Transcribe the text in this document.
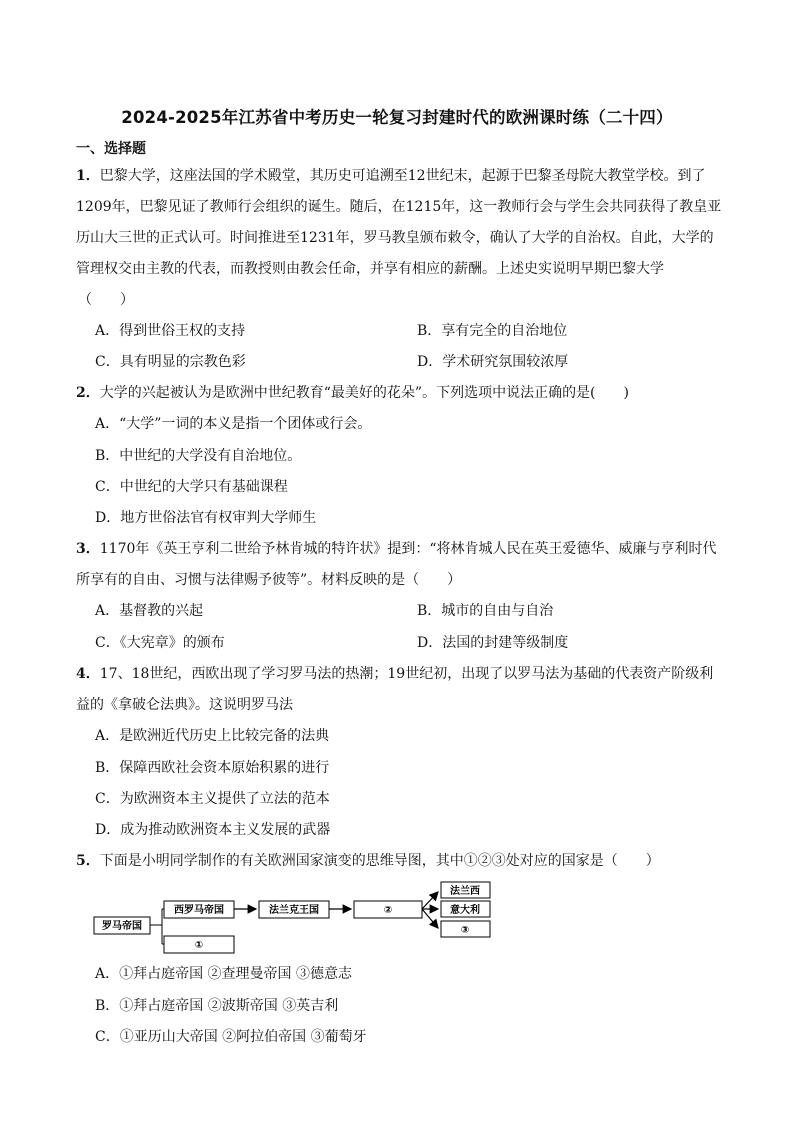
2024-2025年江苏省中考历史一轮复习封建时代的欧洲课时练（二十四）
一、选择题
1．巴黎大学，这座法国的学术殿堂，其历史可追溯至12世纪末，起源于巴黎圣母院大教堂学校。到了
1209年，巴黎见证了教师行会组织的诞生。随后，在1215年，这一教师行会与学生会共同获得了教皇亚
历山大三世的正式认可。时间推进至1231年，罗马教皇颁布敕令，确认了大学的自治权。自此，大学的
管理权交由主教的代表，而教授则由教会任命，并享有相应的薪酬。上述史实说明早期巴黎大学
（　　）
A．得到世俗王权的支持	B．享有完全的自治地位
C．具有明显的宗教色彩	D．学术研究氛围较浓厚
2．大学的兴起被认为是欧洲中世纪教育“最美好的花朵”。下列选项中说法正确的是(　　)
A．“大学”一词的本义是指一个团体或行会。
B．中世纪的大学没有自治地位。
C．中世纪的大学只有基础课程
D．地方世俗法官有权审判大学师生
3．1170年《英王亨利二世给予林肯城的特许状》提到：“将林肯城人民在英王爱德华、威廉与亨利时代
所享有的自由、习惯与法律赐予彼等”。材料反映的是（　　）
A．基督教的兴起	B．城市的自由与自治
C．《大宪章》的颁布	D．法国的封建等级制度
4．17、18世纪，西欧出现了学习罗马法的热潮；19世纪初，出现了以罗马法为基础的代表资产阶级利
益的《拿破仑法典》。这说明罗马法
A．是欧洲近代历史上比较完备的法典
B．保障西欧社会资本原始积累的进行
C．为欧洲资本主义提供了立法的范本
D．成为推动欧洲资本主义发展的武器
5．下面是小明同学制作的有关欧洲国家演变的思维导图，其中①②③处对应的国家是（　　）
罗马帝国
西罗马帝国
①
法兰克王国	②
法兰西
意大利
③
A．①拜占庭帝国 ②查理曼帝国 ③德意志
B．①拜占庭帝国 ②波斯帝国 ③英吉利
C．①亚历山大帝国 ②阿拉伯帝国 ③葡萄牙
